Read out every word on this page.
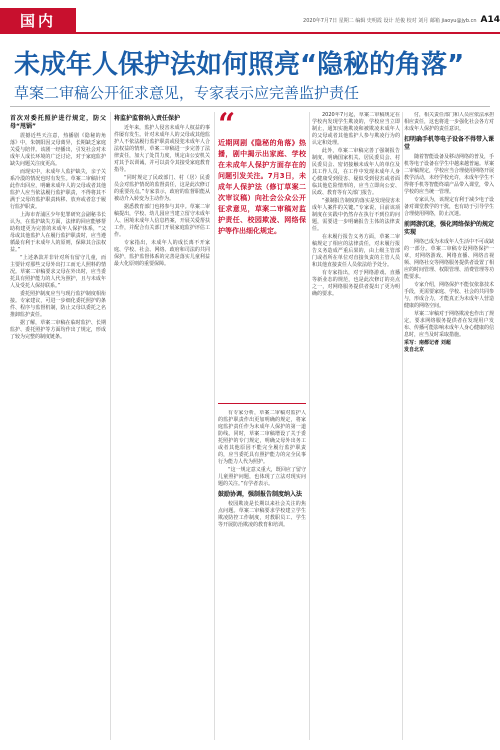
国内	2020年7月7日 星期二 编辑 史明霞 设计 范俊 校对 刘月 邮箱 jiaoyu@jyb.cn A14
未成年人保护法如何照亮“隐秘的角落”
草案二审稿公开征求意见，专家表示应完善监护责任
首次对委托照护进行规定，防父母“甩锅”

震撼近些天注意，热播剧《隐秘的角落》中，朱朝阳因父母离异，长期缺乏家庭关爱与陪伴。该剧一经播出，引发社会对未成年人成长环境的广泛讨论，对于家庭监护缺失问题关注度更高。

而现实中，未成年人监护缺失，亲子关系冷漠的情况也时有发生。草案二审稿针对此作出回应，明确未成年人的父母或者其他监护人应当依法履行监护职责，不得将其不满于父母的监护职责转移、放弃或者怠于履行监护职责。

上海市青浦区少年犯罪研究会副秘书长认为，在监护缺失方面，法律的回应能够帮助构建更为完善的未成年人保护体系，“父母或其他监护人在履行监护职责时，应当遵循最有利于未成年人的原则，保障其合法权益。”

“上述条款并非针对所有留守儿童，而主要针对那些父母外出打工而无人照料的情况。草案二审稿要求父母在外出时，应当委托具有照护能力的人代为照护，且与未成年人及受托人保持联系。”

委托照护制度应当与现行监护制度相衔接。专家建议，可进一步细化委托照护的条件、程序与监督机制，防止父母以委托之名推卸监护责任。

据了解，草案二审稿在临时监护、长期监护、委托照护等方面均作出了规定，形成了较为完整的制度链条。

将监护监督纳入责任保护

近年来，监护人侵害未成年人权益的事件屡有发生。针对未成年人的父母或其他监护人不依法履行监护职责或侵犯未成年人合法权益的情形，草案二审稿进一步完善了法律责任，加大了处罚力度，规定由公安机关对其予以训诫，并可以责令其接受家庭教育指导。

“同时规定了民政部门、村（居）民委员会对监护情况的监督责任，这是此次修订的重要亮点。”专家表示，政府的监督职能从被动介入转变为主动作为。

据悉教育部门也将参与其中。草案二审稿提出，学校、幼儿园应当建立留守未成年人、困境未成年人信息档案，开展关爱帮扶工作，并配合有关部门开展家庭监护评估工作。

专家指出，未成年人的成长离不开家庭、学校、社会、网络、政府和司法的共同保护，监护监督体系的完善是落实儿童利益最大化原则的重要保障。

“
近期网剧《隐秘的角落》热播，剧中揭示出家庭、学校在未成年人保护方面存在的问题引发关注。7月3日，未成年人保护法（修订草案二次审议稿）向社会公众公开征求意见，草案二审稿对监护责任、校园欺凌、网络保护等作出细化规定。

有专家分析，草案二审稿对监护人的监护职责作出更加明确的规定，将家庭监护责任作为未成年人保护的第一道防线。同时，草案二审稿增设了关于委托照护的专门规定，明确父母外出务工或者其他原因不能完全履行监护职责的，应当委托具有照护能力的完全民事行为能力人代为照护。

“这一规定意义重大，既回应了留守儿童照护问题，也体现了立法对现实问题的关注。”有学者表示。

鼓励协调，强制报告制度纳入法

校园欺凌是长期以来社会关注的焦点问题。草案二审稿要求学校建立学生欺凌防控工作制度，对教职员工、学生等开展防治欺凌的教育和培训。

2020年7月起，草案二审稿规定在学校内发现学生欺凌的，学校应当立即制止，通知实施欺凌和被欺凌未成年人的父母或者其他监护人参与欺凌行为的认定和处理。

此外，草案二审稿完善了强制报告制度，明确国家机关、居民委员会、村民委员会、密切接触未成年人的单位及其工作人员，在工作中发现未成年人身心健康受到侵害、疑似受到侵害或者面临其他危险情形的，应当立即向公安、民政、教育等有关部门报告。

“强制报告制度的落实是发现侵害未成年人案件的关键。”专家说，目前该项制度在实践中仍然存在执行不到位的问题，需要进一步明确报告主体的法律责任。

在未履行报告义务方面，草案二审稿规定了相应的法律责任，对未履行报告义务造成严重后果的，由上级主管部门或者所在单位对直接负责的主管人员和其他直接责任人员依法给予处分。

有专家指出，对于网络游戏、直播等新业态的规范，也是此次修订的亮点之一，对网络服务提供者提出了更为明确的要求。

付，相关责任部门和人员应依法承担相应责任，这也将进一步强化社会各方对未成年人保护的责任意识。

扣明确手机等电子设备不得带入课堂

随着智能设备及移动网络的普及，手机等电子设备在学生中越来越普遍。草案二审稿规定，学校应当合理使用网络开展教学活动，未经学校允许，未成年学生不得将手机等智能终端产品带入课堂，带入学校的应当统一管理。

专家认为，该规定有利于减少电子设备对课堂教学的干扰，也有助于引导学生合理使用网络，防止沉迷。

前网游沉迷，强化网络保护的规定实现

网络已成为未成年人生活中不可或缺的一部分。草案二审稿专设网络保护一章，对网络游戏、网络直播、网络音视频、网络社交等网络服务提供者设置了相应的时间管理、权限管理、消费管理等功能要求。

专家介绍，网络保护不能仅依靠技术手段，更需要家庭、学校、社会的共同参与，形成合力，才能真正为未成年人营造健康的网络空间。

草案二审稿对于网络欺凌也作出了规定，要求网络服务提供者在发现用户发布、传播可能影响未成年人身心健康的信息时，应当及时采取措施。

采写：南都记者 刘超
发自北京
